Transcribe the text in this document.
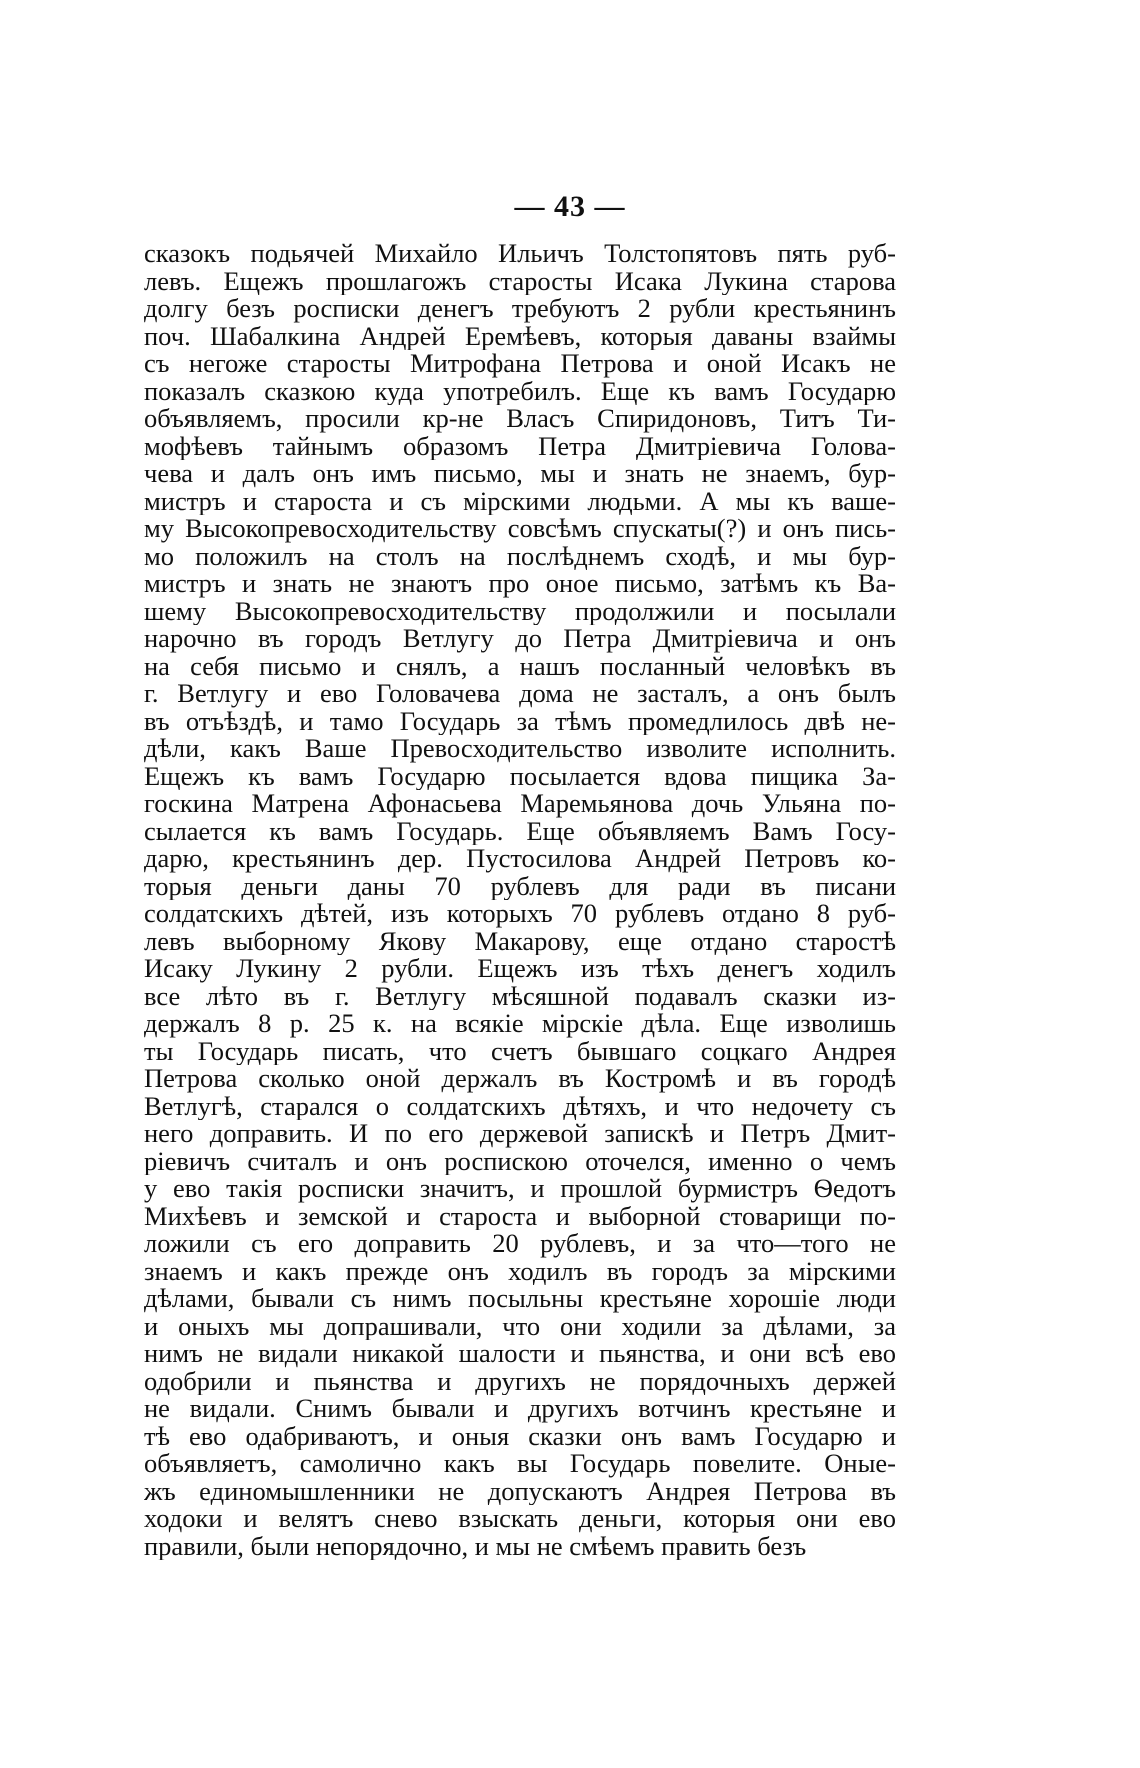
— 43 —

сказокъ подьячей Михайло Ильичъ Толстопятовъ пять руб-
левъ. Ещежъ прошлагожъ старосты Исака Лукина старова
долгу безъ росписки денегъ требуютъ 2 рубли крестьянинъ
поч. Шабалкина Андрей Еремѣевъ, которыя даваны взаймы
съ негоже старосты Митрофана Петрова и оной Исакъ не
показалъ сказкою куда употребилъ. Еще къ вамъ Государю
объявляемъ, просили кр-не Власъ Спиридоновъ, Титъ Ти-
мофѣевъ тайнымъ образомъ Петра Дмитріевича Голова-
чева и далъ онъ имъ письмо, мы и знать не знаемъ, бур-
мистръ и староста и съ мірскими людьми. А мы къ ваше-
му Высокопревосходительству совсѣмъ спускаты(?) и онъ пись-
мо положилъ на столъ на послѣднемъ сходѣ, и мы бур-
мистръ и знать не знаютъ про оное письмо, затѣмъ къ Ва-
шему Высокопревосходительству продолжили и посылали
нарочно въ городъ Ветлугу до Петра Дмитріевича и онъ
на себя письмо и снялъ, а нашъ посланный человѣкъ въ
г. Ветлугу и ево Головачева дома не засталъ, а онъ былъ
въ отъѣздѣ, и тамо Государь за тѣмъ промедлилось двѣ не-
дѣли, какъ Ваше Превосходительство изволите исполнить.
Ещежъ къ вамъ Государю посылается вдова пищика За-
госкина Матрена Афонасьева Маремьянова дочь Ульяна по-
сылается къ вамъ Государь. Еще объявляемъ Вамъ Госу-
дарю, крестьянинъ дер. Пустосилова Андрей Петровъ ко-
торыя деньги даны 70 рублевъ для ради въ писани
солдатскихъ дѣтей, изъ которыхъ 70 рублевъ отдано 8 руб-
левъ выборному Якову Макарову, еще отдано старостѣ
Исаку Лукину 2 рубли. Ещежъ изъ тѣхъ денегъ ходилъ
все лѣто въ г. Ветлугу мѣсяшной подавалъ сказки из-
держалъ 8 р. 25 к. на всякіе мірскіе дѣла. Еще изволишь
ты Государь писать, что счетъ бывшаго соцкаго Андрея
Петрова сколько оной держалъ въ Костромѣ и въ городѣ
Ветлугѣ, старался о солдатскихъ дѣтяхъ, и что недочету съ
него доправить. И по его держевой запискѣ и Петръ Дмит-
ріевичъ считалъ и онъ роспискою оточелся, именно о чемъ
у ево такія росписки значитъ, и прошлой бурмистръ Ѳедотъ
Михѣевъ и земской и староста и выборной стоварищи по-
ложили съ его доправить 20 рублевъ, и за что—того не
знаемъ и какъ прежде онъ ходилъ въ городъ за мірскими
дѣлами, бывали съ нимъ посыльны крестьяне хорошіе люди
и оныхъ мы допрашивали, что они ходили за дѣлами, за
нимъ не видали никакой шалости и пьянства, и они всѣ ево
одобрили и пьянства и другихъ не порядочныхъ держей
не видали. Снимъ бывали и другихъ вотчинъ крестьяне и
тѣ ево одабриваютъ, и оныя сказки онъ вамъ Государю и
объявляетъ, самолично какъ вы Государь повелите. Оные-
жъ единомышленники не допускаютъ Андрея Петрова въ
ходоки и велятъ снево взыскать деньги, которыя они ево
правили, были непорядочно, и мы не смѣемъ править безъ
